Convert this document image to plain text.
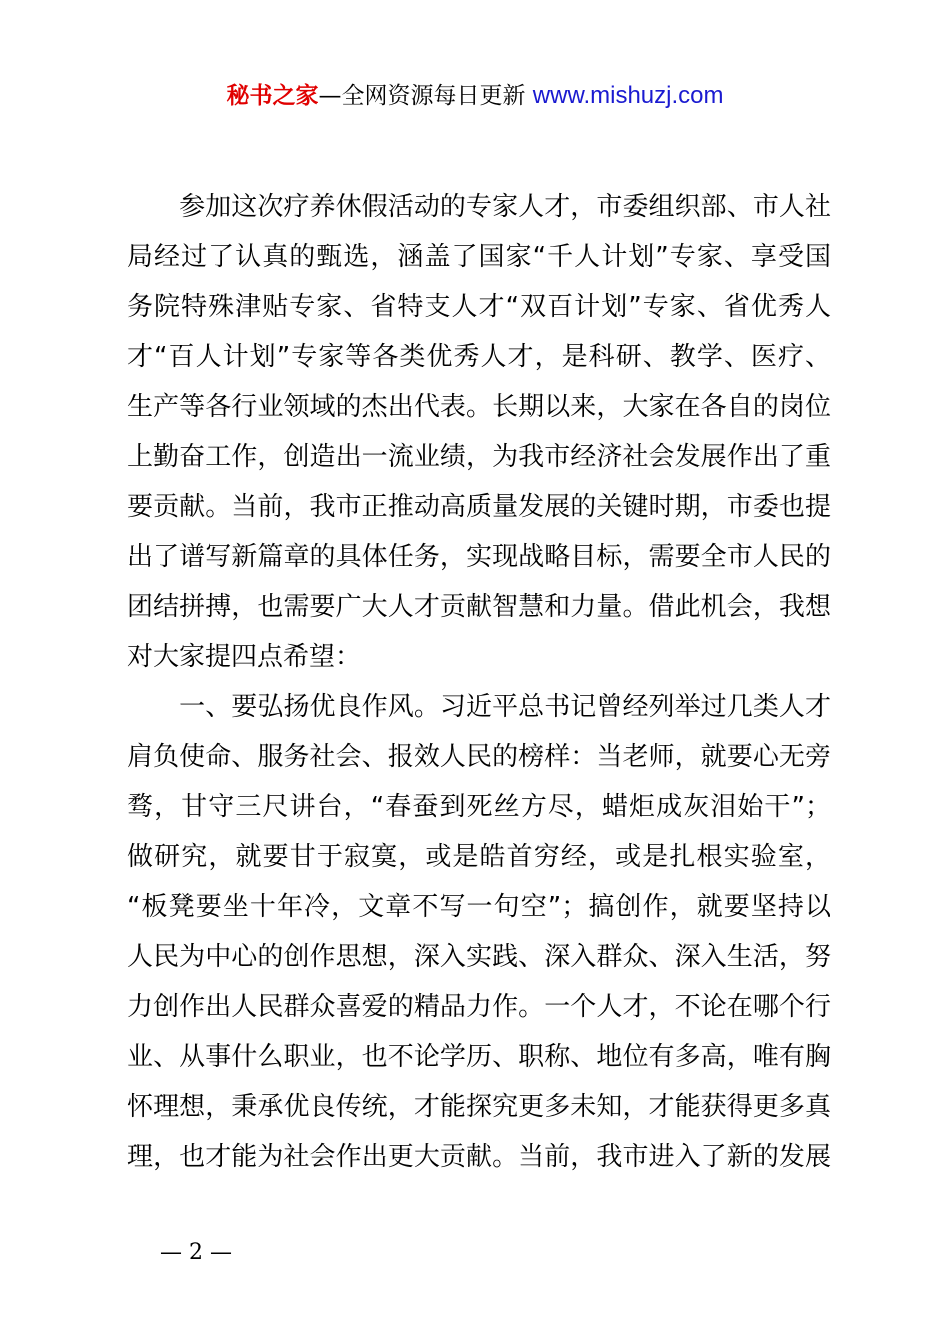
秘书之家—全网资源每日更新 www.mishuzj.com
　　参加这次疗养休假活动的专家人才，市委组织部、市人社
局经过了认真的甄选，涵盖了国家“千人计划”专家、享受国
务院特殊津贴专家、省特支人才“双百计划”专家、省优秀人
才“百人计划”专家等各类优秀人才，是科研、教学、医疗、
生产等各行业领域的杰出代表。长期以来，大家在各自的岗位
上勤奋工作，创造出一流业绩，为我市经济社会发展作出了重
要贡献。当前，我市正推动高质量发展的关键时期，市委也提
出了谱写新篇章的具体任务，实现战略目标，需要全市人民的
团结拼搏，也需要广大人才贡献智慧和力量。借此机会，我想
对大家提四点希望：
　　一、要弘扬优良作风。习近平总书记曾经列举过几类人才
肩负使命、服务社会、报效人民的榜样：当老师，就要心无旁
骛，甘守三尺讲台，“春蚕到死丝方尽，蜡炬成灰泪始干”；
做研究，就要甘于寂寞，或是皓首穷经，或是扎根实验室，
“板凳要坐十年冷，文章不写一句空”；搞创作，就要坚持以
人民为中心的创作思想，深入实践、深入群众、深入生活，努
力创作出人民群众喜爱的精品力作。一个人才，不论在哪个行
业、从事什么职业，也不论学历、职称、地位有多高，唯有胸
怀理想，秉承优良传统，才能探究更多未知，才能获得更多真
理，也才能为社会作出更大贡献。当前，我市进入了新的发展
— 2 —
